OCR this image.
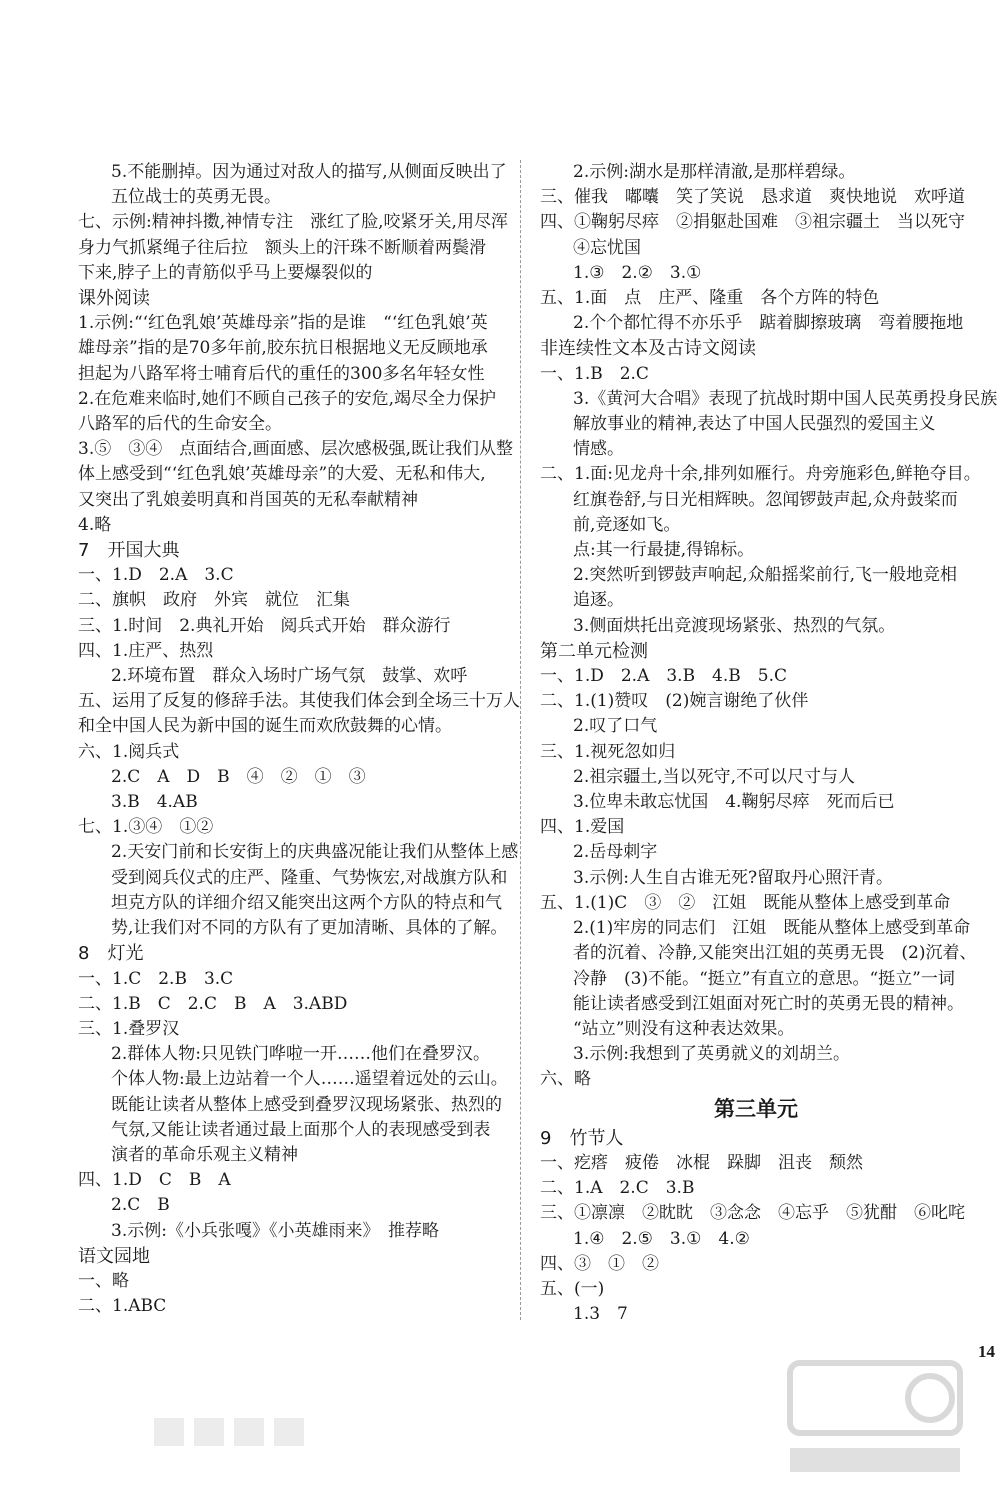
5.不能删掉。因为通过对敌人的描写,从侧面反映出了
五位战士的英勇无畏。
七、示例:精神抖擞,神情专注　涨红了脸,咬紧牙关,用尽浑
身力气抓紧绳子往后拉　额头上的汗珠不断顺着两鬓滑
下来,脖子上的青筋似乎马上要爆裂似的
课外阅读
1.示例:“‘红色乳娘’英雄母亲”指的是谁　“‘红色乳娘’英
雄母亲”指的是70多年前,胶东抗日根据地义无反顾地承
担起为八路军将士哺育后代的重任的300多名年轻女性
2.在危难来临时,她们不顾自己孩子的安危,竭尽全力保护
八路军的后代的生命安全。
3.⑤　③④　点面结合,画面感、层次感极强,既让我们从整
体上感受到“‘红色乳娘’英雄母亲”的大爱、无私和伟大,
又突出了乳娘姜明真和肖国英的无私奉献精神
4.略
7　开国大典
一、1.D　2.A　3.C
二、旗帜　政府　外宾　就位　汇集
三、1.时间　2.典礼开始　阅兵式开始　群众游行
四、1.庄严、热烈
2.环境布置　群众入场时广场气氛　鼓掌、欢呼
五、运用了反复的修辞手法。其使我们体会到全场三十万人
和全中国人民为新中国的诞生而欢欣鼓舞的心情。
六、1.阅兵式
2.C　A　D　B　④　②　①　③
3.B　4.AB
七、1.③④　①②
2.天安门前和长安街上的庆典盛况能让我们从整体上感
受到阅兵仪式的庄严、隆重、气势恢宏,对战旗方队和
坦克方队的详细介绍又能突出这两个方队的特点和气
势,让我们对不同的方队有了更加清晰、具体的了解。
8　灯光
一、1.C　2.B　3.C
二、1.B　C　2.C　B　A　3.ABD
三、1.叠罗汉
2.群体人物:只见铁门哗啦一开……他们在叠罗汉。
个体人物:最上边站着一个人……遥望着远处的云山。
既能让读者从整体上感受到叠罗汉现场紧张、热烈的
气氛,又能让读者通过最上面那个人的表现感受到表
演者的革命乐观主义精神
四、1.D　C　B　A
2.C　B
3.示例:《小兵张嘎》《小英雄雨来》　推荐略
语文园地
一、略
二、1.ABC
2.示例:湖水是那样清澈,是那样碧绿。
三、催我　嘟囔　笑了笑说　恳求道　爽快地说　欢呼道
四、①鞠躬尽瘁　②捐躯赴国难　③祖宗疆土　当以死守
④忘忧国
1.③　2.②　3.①
五、1.面　点　庄严、隆重　各个方阵的特色
2.个个都忙得不亦乐乎　踮着脚擦玻璃　弯着腰拖地
非连续性文本及古诗文阅读
一、1.B　2.C
3.《黄河大合唱》表现了抗战时期中国人民英勇投身民族
解放事业的精神,表达了中国人民强烈的爱国主义
情感。
二、1.面:见龙舟十余,排列如雁行。舟旁施彩色,鲜艳夺目。
红旗卷舒,与日光相辉映。忽闻锣鼓声起,众舟鼓桨而
前,竞逐如飞。
点:其一行最捷,得锦标。
2.突然听到锣鼓声响起,众船摇桨前行,飞一般地竞相
追逐。
3.侧面烘托出竞渡现场紧张、热烈的气氛。
第二单元检测
一、1.D　2.A　3.B　4.B　5.C
二、1.(1)赞叹　(2)婉言谢绝了伙伴
2.叹了口气
三、1.视死忽如归
2.祖宗疆土,当以死守,不可以尺寸与人
3.位卑未敢忘忧国　4.鞠躬尽瘁　死而后已
四、1.爱国
2.岳母刺字
3.示例:人生自古谁无死?留取丹心照汗青。
五、1.(1)C　③　②　江姐　既能从整体上感受到革命
2.(1)牢房的同志们　江姐　既能从整体上感受到革命
者的沉着、冷静,又能突出江姐的英勇无畏　(2)沉着、
冷静　(3)不能。“挺立”有直立的意思。“挺立”一词
能让读者感受到江姐面对死亡时的英勇无畏的精神。
“站立”则没有这种表达效果。
3.示例:我想到了英勇就义的刘胡兰。
六、略
第三单元
9　竹节人
一、疙瘩　疲倦　冰棍　跺脚　沮丧　颓然
二、1.A　2.C　3.B
三、①凛凛　②眈眈　③念念　④忘乎　⑤犹酣　⑥叱咤
1.④　2.⑤　3.①　4.②
四、③　①　②
五、(一)
1.3　7
14
